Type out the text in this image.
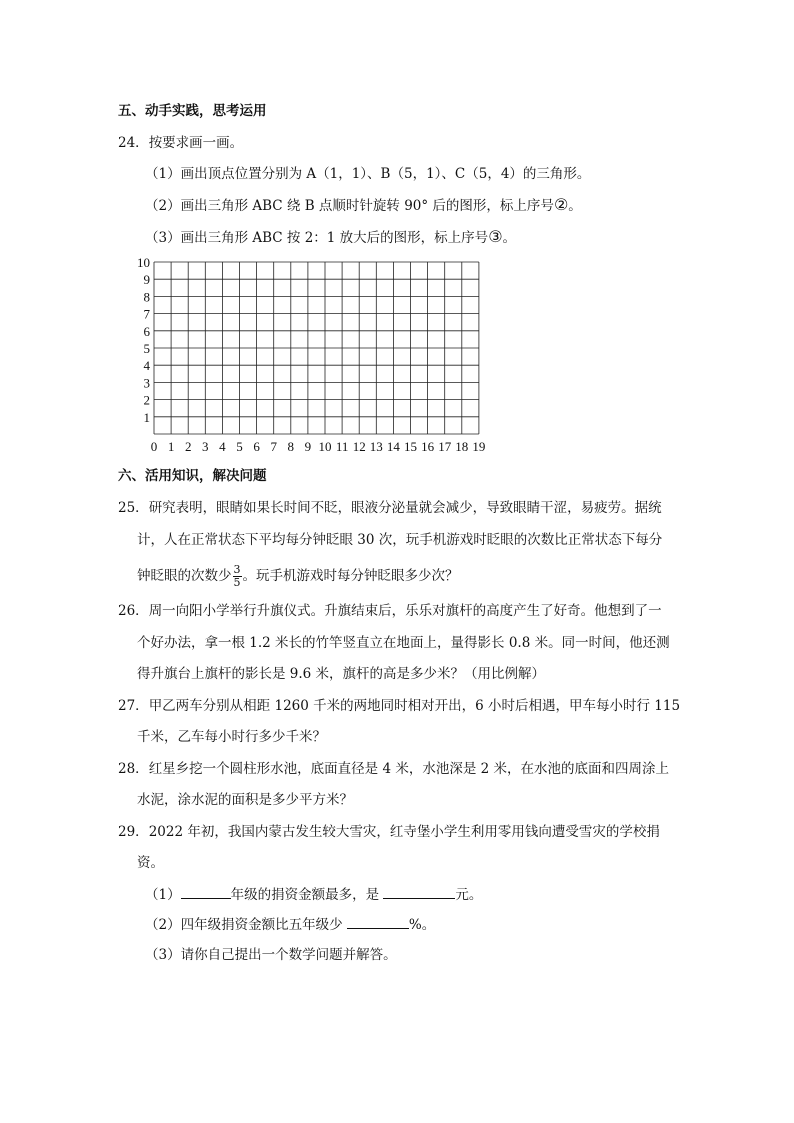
五、动手实践，思考运用
24．按要求画一画。
（1）画出顶点位置分别为 A（1，1）、B（5，1）、C（5，4）的三角形。
（2）画出三角形 ABC 绕 B 点顺时针旋转 90° 后的图形，标上序号②。
（3）画出三角形 ABC 按 2：1 放大后的图形，标上序号③。
1
2
3
4
5
6
7
8
9
10
0 1 2 3 4 5 6 7 8 9 10 11 12 13 14 15 16 17 18 19
六、活用知识，解决问题
25．研究表明，眼睛如果长时间不眨，眼液分泌量就会减少，导致眼睛干涩，易疲劳。据统
计，人在正常状态下平均每分钟眨眼 30 次，玩手机游戏时眨眼的次数比正常状态下每分
钟眨眼的次数少 $\frac{3}{5}$ 。玩手机游戏时每分钟眨眼多少次？
26．周一向阳小学举行升旗仪式。升旗结束后，乐乐对旗杆的高度产生了好奇。他想到了一
个好办法，拿一根 1.2 米长的竹竿竖直立在地面上，量得影长 0.8 米。同一时间，他还测
得升旗台上旗杆的影长是 9.6 米，旗杆的高是多少米？（用比例解）
27．甲乙两车分别从相距 1260 千米的两地同时相对开出，6 小时后相遇，甲车每小时行 115
千米，乙车每小时行多少千米？
28．红星乡挖一个圆柱形水池，底面直径是 4 米，水池深是 2 米，在水池的底面和四周涂上
水泥，涂水泥的面积是多少平方米？
29．2022 年初，我国内蒙古发生较大雪灾，红寺堡小学生利用零用钱向遭受雪灾的学校捐
资。
（1）	年级的捐资金额最多，是	元。
（2）四年级捐资金额比五年级少	%。
（3）请你自己提出一个数学问题并解答。
